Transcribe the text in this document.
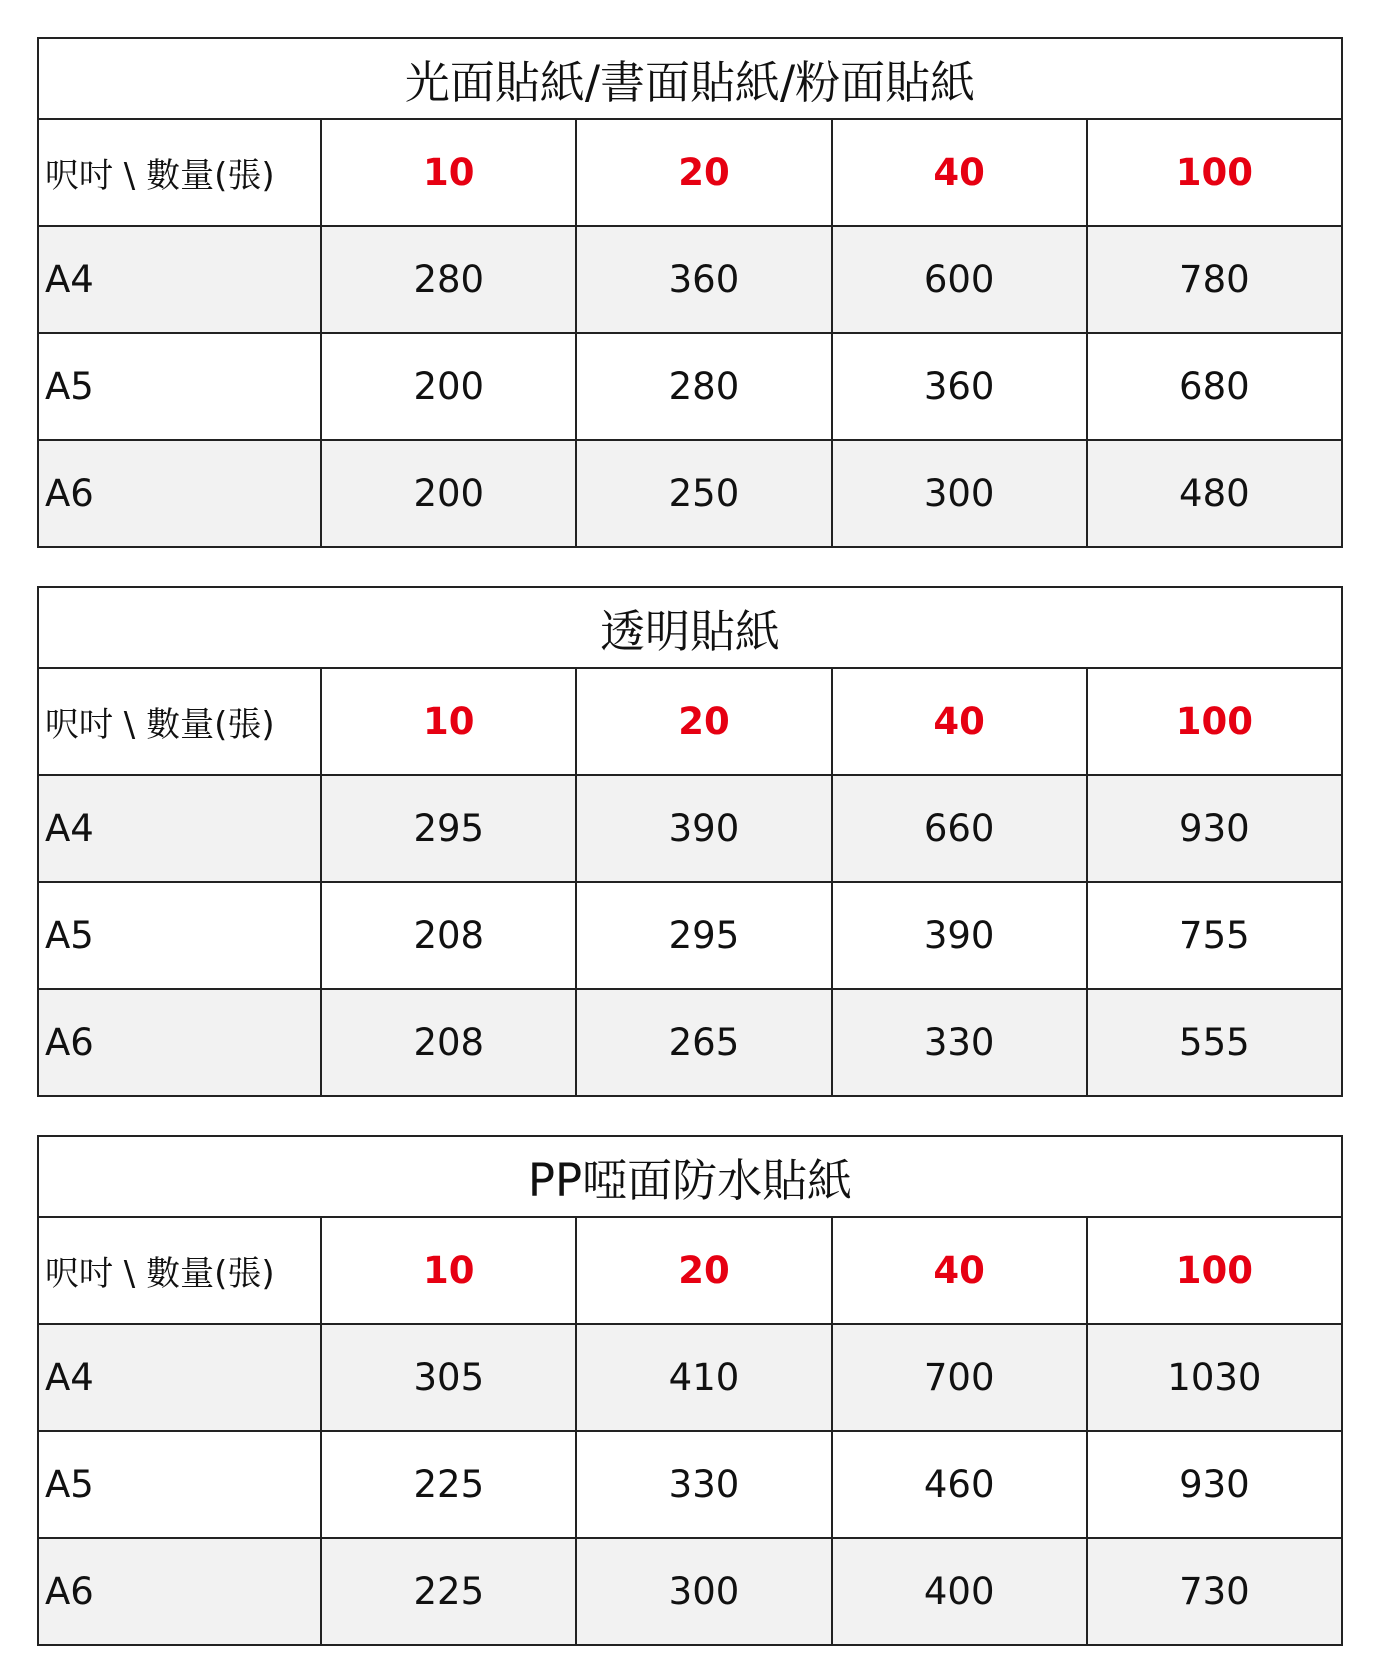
光面貼紙/書面貼紙/粉面貼紙				
呎吋 \ 數量(張)	10	20	40	100
A4	280	360	600	780
A5	200	280	360	680
A6	200	250	300	480
透明貼紙				
呎吋 \ 數量(張)	10	20	40	100
A4	295	390	660	930
A5	208	295	390	755
A6	208	265	330	555
PP啞面防水貼紙				
呎吋 \ 數量(張)	10	20	40	100
A4	305	410	700	1030
A5	225	330	460	930
A6	225	300	400	730
